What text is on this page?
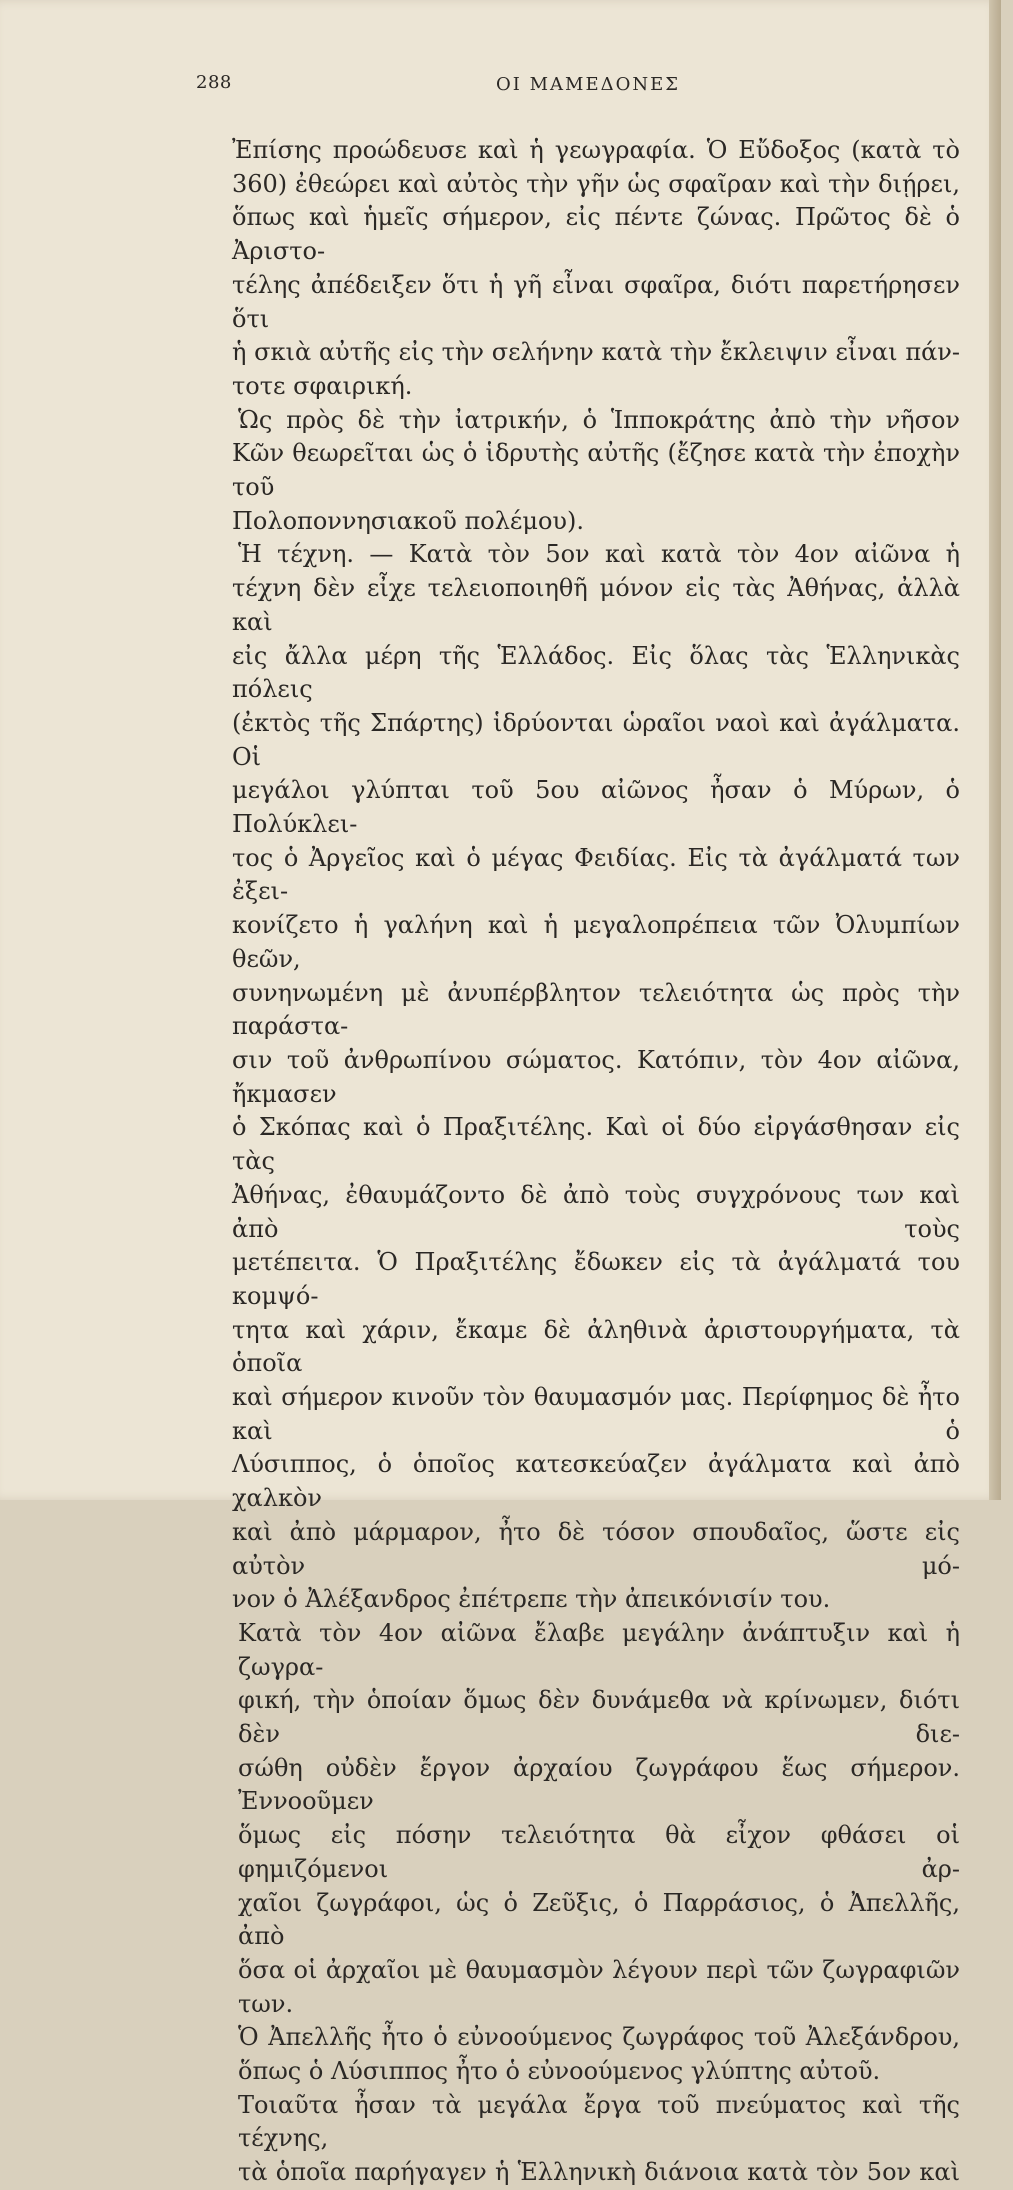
288	ΟΙ ΜΑΜΕΔΟΝΕΣ

Ἐπίσης προώδευσε καὶ ἡ γεωγραφία. Ὁ Εὔδοξος (κατὰ τὸ
360) ἐθεώρει καὶ αὐτὸς τὴν γῆν ὡς σφαῖραν καὶ τὴν διῄρει,
ὅπως καὶ ἡμεῖς σήμερον, εἰς πέντε ζώνας. Πρῶτος δὲ ὁ Ἀριστο-
τέλης ἀπέδειξεν ὅτι ἡ γῆ εἶναι σφαῖρα, διότι παρετήρησεν ὅτι
ἡ σκιὰ αὐτῆς εἰς τὴν σελήνην κατὰ τὴν ἔκλειψιν εἶναι πάν-
τοτε σφαιρική.

Ὡς πρὸς δὲ τὴν ἰατρικήν, ὁ Ἱπποκράτης ἀπὸ τὴν νῆσον
Κῶν θεωρεῖται ὡς ὁ ἱδρυτὴς αὐτῆς (ἔζησε κατὰ τὴν ἐποχὴν τοῦ
Πολοποννησιακοῦ πολέμου).

Ἡ τέχνη. — Κατὰ τὸν 5ον καὶ κατὰ τὸν 4ον αἰῶνα ἡ
τέχνη δὲν εἶχε τελειοποιηθῆ μόνον εἰς τὰς Ἀθήνας, ἀλλὰ καὶ
εἰς ἄλλα μέρη τῆς Ἑλλάδος. Εἰς ὅλας τὰς Ἑλληνικὰς πόλεις
(ἐκτὸς τῆς Σπάρτης) ἱδρύονται ὡραῖοι ναοὶ καὶ ἀγάλματα. Οἱ
μεγάλοι γλύπται τοῦ 5ου αἰῶνος ἦσαν ὁ Μύρων, ὁ Πολύκλει-
τος ὁ Ἀργεῖος καὶ ὁ μέγας Φειδίας. Εἰς τὰ ἀγάλματά των ἐξει-
κονίζετο ἡ γαλήνη καὶ ἡ μεγαλοπρέπεια τῶν Ὀλυμπίων θεῶν,
συνηνωμένη μὲ ἀνυπέρβλητον τελειότητα ὡς πρὸς τὴν παράστα-
σιν τοῦ ἀνθρωπίνου σώματος. Κατόπιν, τὸν 4ον αἰῶνα, ἤκμασεν
ὁ Σκόπας καὶ ὁ Πραξιτέλης. Καὶ οἱ δύο εἰργάσθησαν εἰς τὰς
Ἀθήνας, ἐθαυμάζοντο δὲ ἀπὸ τοὺς συγχρόνους των καὶ ἀπὸ τοὺς
μετέπειτα. Ὁ Πραξιτέλης ἔδωκεν εἰς τὰ ἀγάλματά του κομψό-
τητα καὶ χάριν, ἔκαμε δὲ ἀληθινὰ ἀριστουργήματα, τὰ ὁποῖα
καὶ σήμερον κινοῦν τὸν θαυμασμόν μας. Περίφημος δὲ ἦτο καὶ ὁ
Λύσιππος, ὁ ὁποῖος κατεσκεύαζεν ἀγάλματα καὶ ἀπὸ χαλκὸν
καὶ ἀπὸ μάρμαρον, ἦτο δὲ τόσον σπουδαῖος, ὥστε εἰς αὐτὸν μό-
νον ὁ Ἀλέξανδρος ἐπέτρεπε τὴν ἀπεικόνισίν του.

Κατὰ τὸν 4ον αἰῶνα ἔλαβε μεγάλην ἀνάπτυξιν καὶ ἡ ζωγρα-
φική, τὴν ὁποίαν ὅμως δὲν δυνάμεθα νὰ κρίνωμεν, διότι δὲν διε-
σώθη οὐδὲν ἔργον ἀρχαίου ζωγράφου ἕως σήμερον. Ἐννοοῦμεν
ὅμως εἰς πόσην τελειότητα θὰ εἶχον φθάσει οἱ φημιζόμενοι ἀρ-
χαῖοι ζωγράφοι, ὡς ὁ Ζεῦξις, ὁ Παρράσιος, ὁ Ἀπελλῆς, ἀπὸ
ὅσα οἱ ἀρχαῖοι μὲ θαυμασμὸν λέγουν περὶ τῶν ζωγραφιῶν των.
Ὁ Ἀπελλῆς ἦτο ὁ εὐνοούμενος ζωγράφος τοῦ Ἀλεξάνδρου,
ὅπως ὁ Λύσιππος ἦτο ὁ εὐνοούμενος γλύπτης αὐτοῦ.

Τοιαῦτα ἦσαν τὰ μεγάλα ἔργα τοῦ πνεύματος καὶ τῆς τέχνης,
τὰ ὁποῖα παρήγαγεν ἡ Ἑλληνικὴ διάνοια κατὰ τὸν 5ον καὶ
